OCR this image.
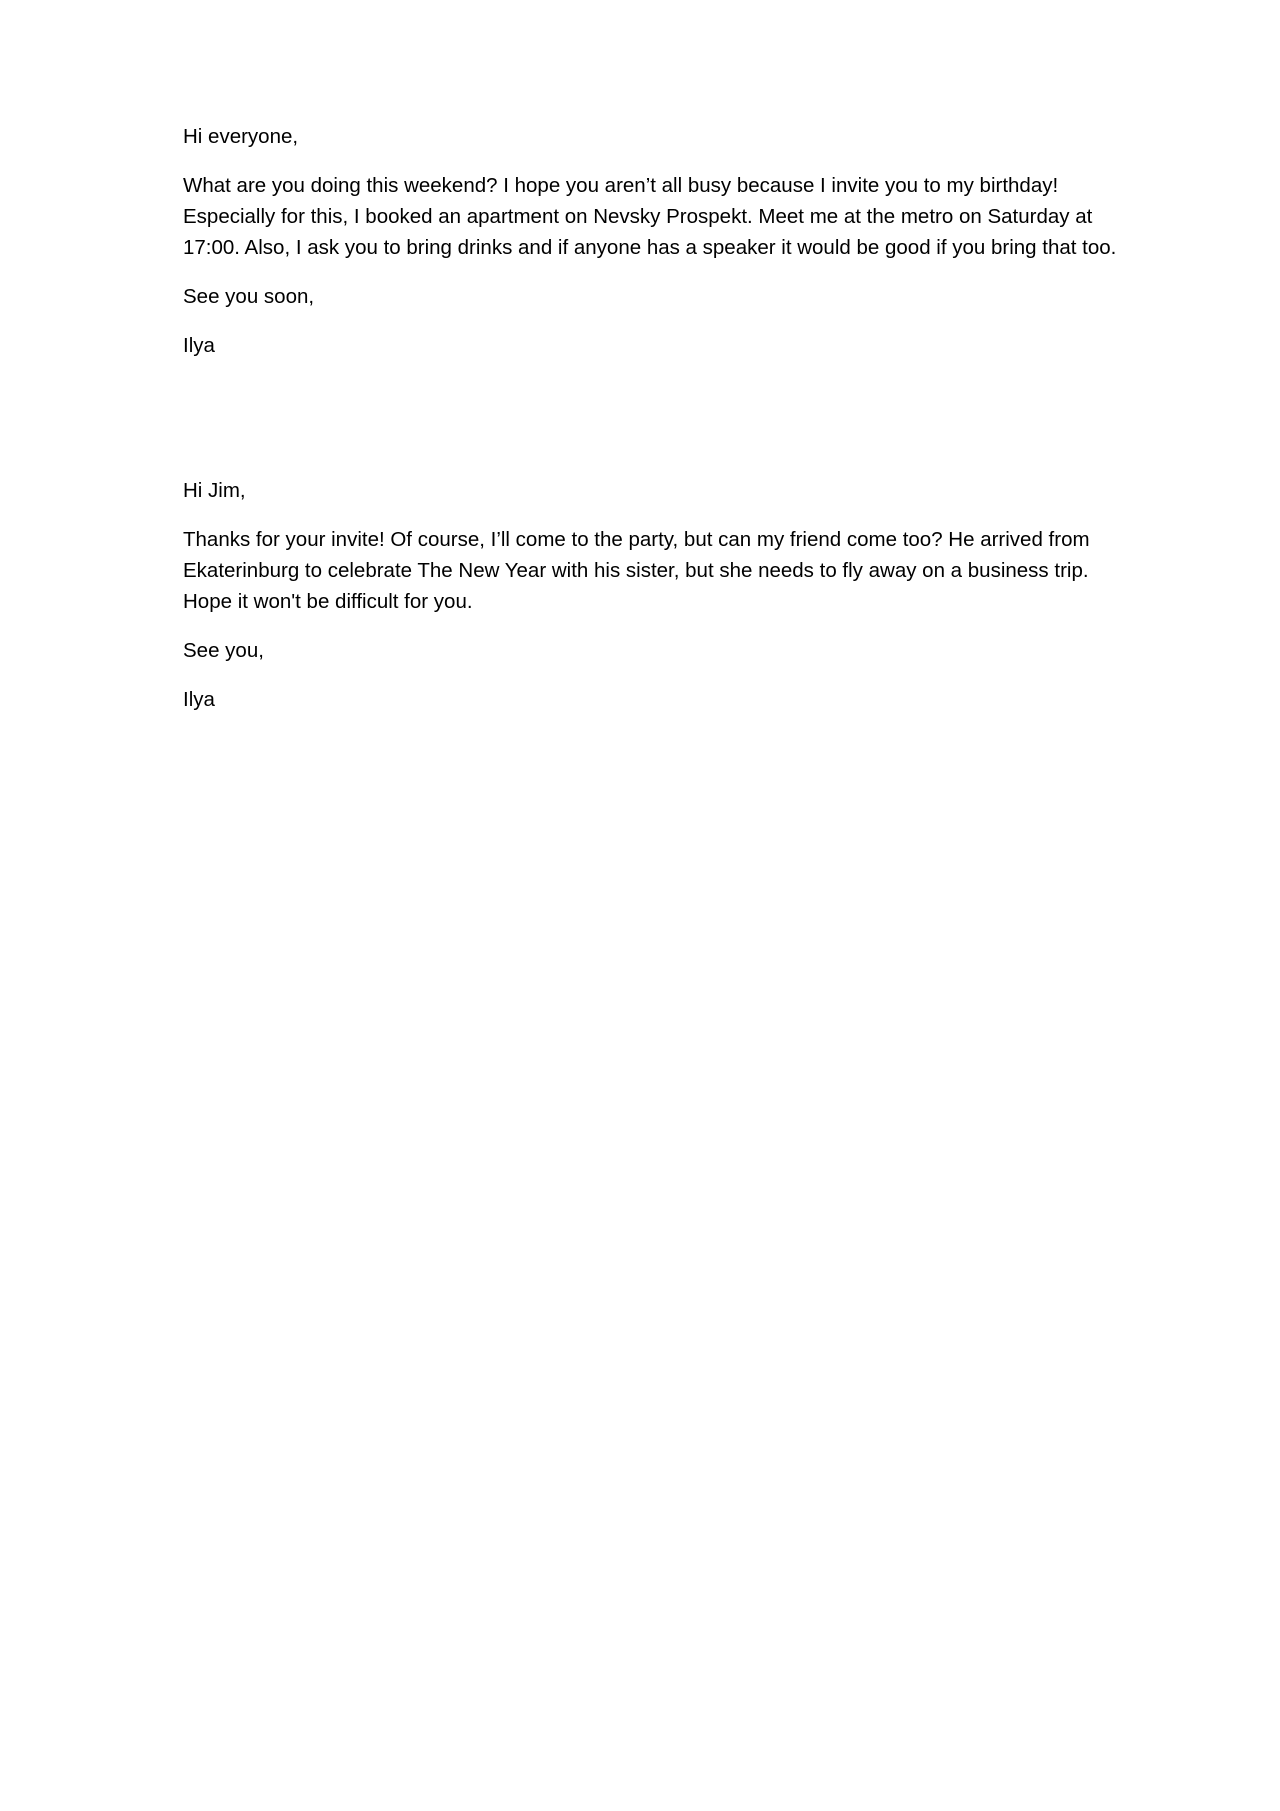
Hi everyone,

What are you doing this weekend? I hope you aren’t all busy because I invite you to my birthday!
Especially for this, I booked an apartment on Nevsky Prospekt. Meet me at the metro on Saturday at
17:00. Also, I ask you to bring drinks and if anyone has a speaker it would be good if you bring that too.

See you soon,

Ilya

Hi Jim,

Thanks for your invite! Of course, I’ll come to the party, but can my friend come too? He arrived from
Ekaterinburg to celebrate The New Year with his sister, but she needs to fly away on a business trip.
Hope it won't be difficult for you.

See you,

Ilya
